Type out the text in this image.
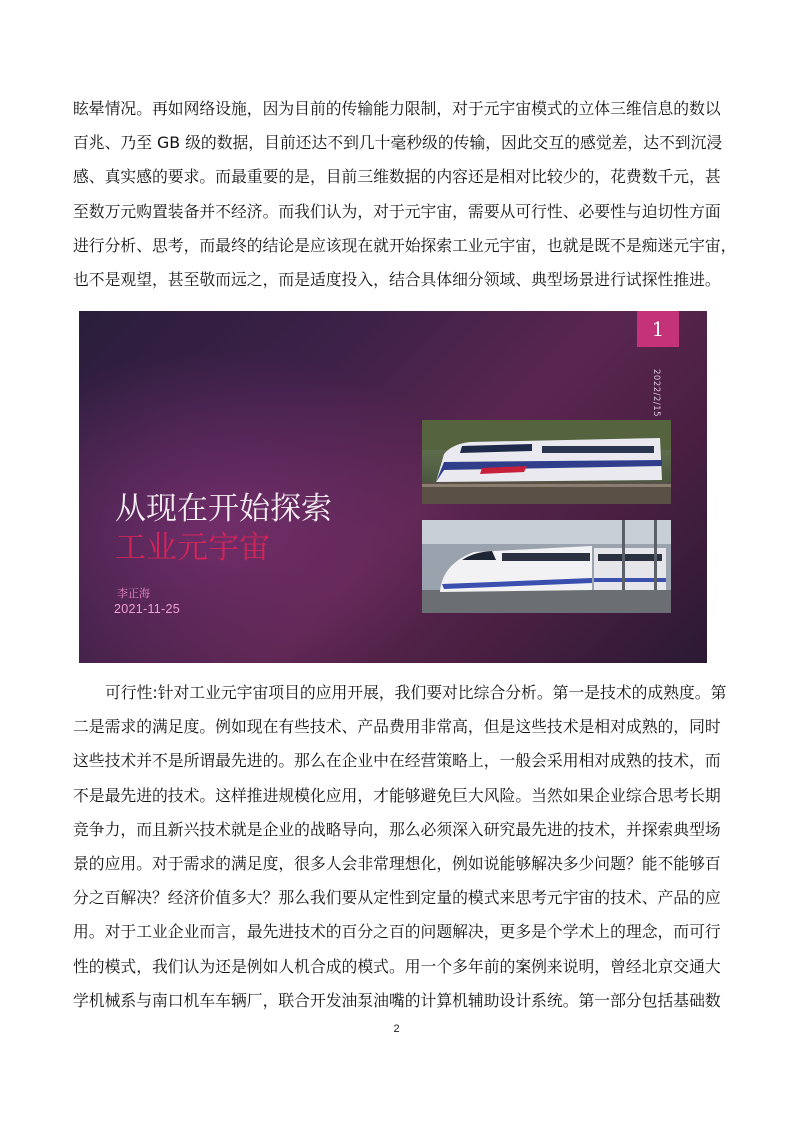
眩晕情况。再如网络设施，因为目前的传输能力限制，对于元宇宙模式的立体三维信息的数以
百兆、乃至 GB 级的数据，目前还达不到几十毫秒级的传输，因此交互的感觉差，达不到沉浸
感、真实感的要求。而最重要的是，目前三维数据的内容还是相对比较少的，花费数千元，甚
至数万元购置装备并不经济。而我们认为，对于元宇宙，需要从可行性、必要性与迫切性方面
进行分析、思考，而最终的结论是应该现在就开始探索工业元宇宙，也就是既不是痴迷元宇宙，
也不是观望，甚至敬而远之，而是适度投入，结合具体细分领域、典型场景进行试探性推进。
1
2022/2/15
从现在开始探索
工业元宇宙
李正海
2021-11-25
可行性:针对工业元宇宙项目的应用开展，我们要对比综合分析。第一是技术的成熟度。第
二是需求的满足度。例如现在有些技术、产品费用非常高，但是这些技术是相对成熟的，同时
这些技术并不是所谓最先进的。那么在企业中在经营策略上，一般会采用相对成熟的技术，而
不是最先进的技术。这样推进规模化应用，才能够避免巨大风险。当然如果企业综合思考长期
竞争力，而且新兴技术就是企业的战略导向，那么必须深入研究最先进的技术，并探索典型场
景的应用。对于需求的满足度，很多人会非常理想化，例如说能够解决多少问题？能不能够百
分之百解决？经济价值多大？那么我们要从定性到定量的模式来思考元宇宙的技术、产品的应
用。对于工业企业而言，最先进技术的百分之百的问题解决，更多是个学术上的理念，而可行
性的模式，我们认为还是例如人机合成的模式。用一个多年前的案例来说明，曾经北京交通大
学机械系与南口机车车辆厂，联合开发油泵油嘴的计算机辅助设计系统。第一部分包括基础数
2
